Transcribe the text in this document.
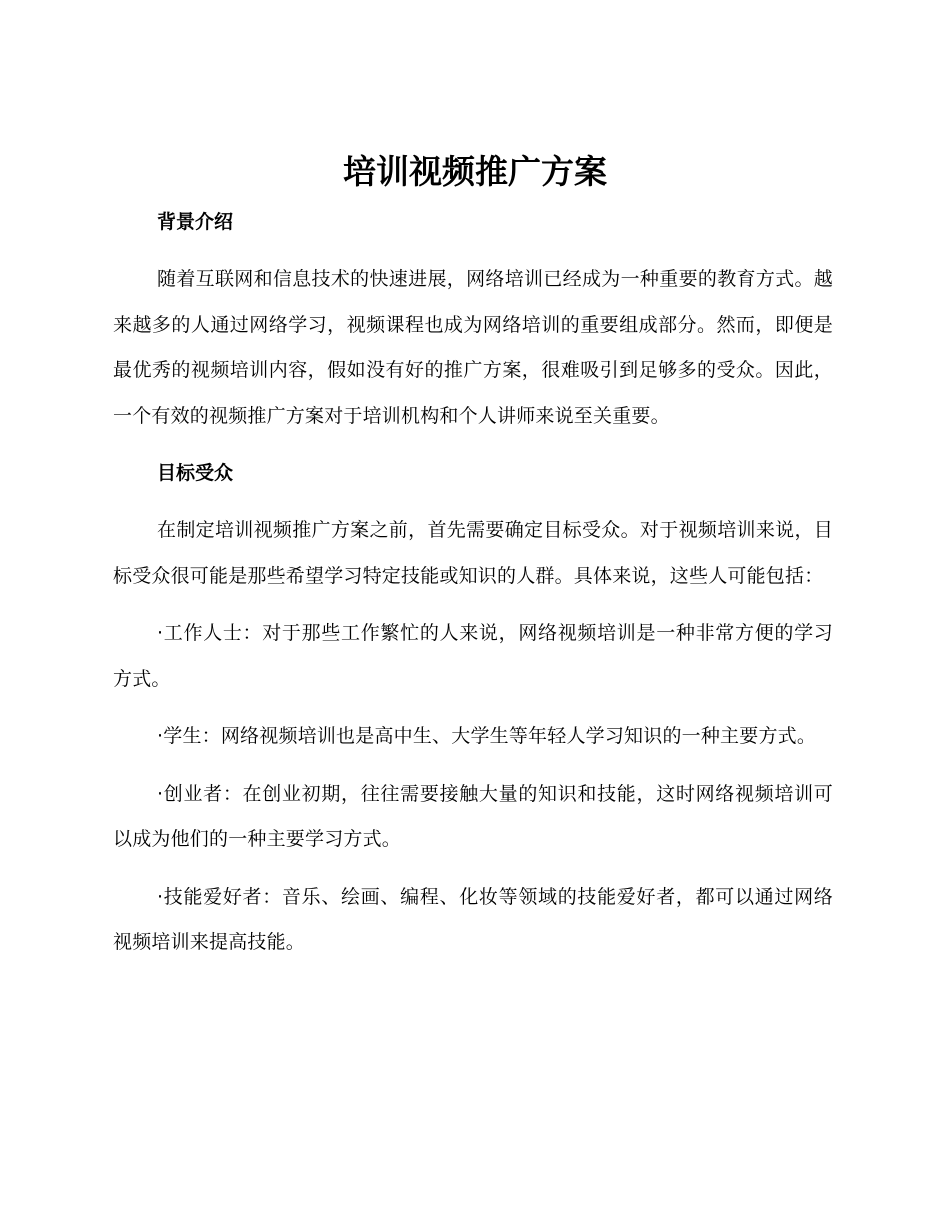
培训视频推广方案
背景介绍

随着互联网和信息技术的快速进展，网络培训已经成为一种重要的教育方式。越来越多的人通过网络学习，视频课程也成为网络培训的重要组成部分。然而，即便是最优秀的视频培训内容，假如没有好的推广方案，很难吸引到足够多的受众。因此，一个有效的视频推广方案对于培训机构和个人讲师来说至关重要。

目标受众

在制定培训视频推广方案之前，首先需要确定目标受众。对于视频培训来说，目标受众很可能是那些希望学习特定技能或知识的人群。具体来说，这些人可能包括：

·工作人士：对于那些工作繁忙的人来说，网络视频培训是一种非常方便的学习方式。

·学生：网络视频培训也是高中生、大学生等年轻人学习知识的一种主要方式。

·创业者：在创业初期，往往需要接触大量的知识和技能，这时网络视频培训可以成为他们的一种主要学习方式。

·技能爱好者：音乐、绘画、编程、化妆等领域的技能爱好者，都可以通过网络视频培训来提高技能。
